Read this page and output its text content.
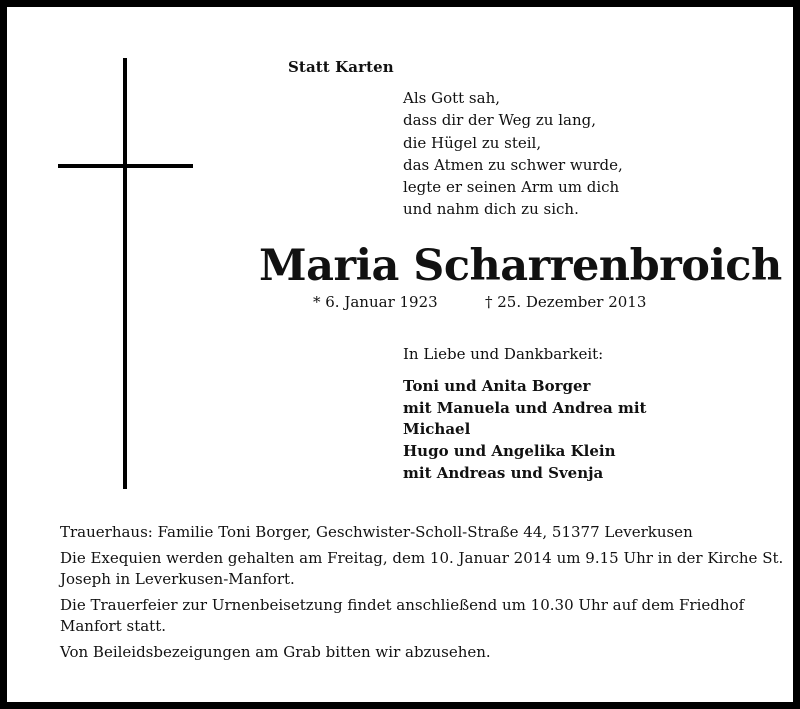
Statt Karten
Als Gott sah,
dass dir der Weg zu lang,
die Hügel zu steil,
das Atmen zu schwer wurde,
legte er seinen Arm um dich
und nahm dich zu sich.
Maria Scharrenbroich
* 6. Januar 1923	† 25. Dezember 2013
In Liebe und Dankbarkeit:
Toni und Anita Borger
mit Manuela und Andrea mit
Michael
Hugo und Angelika Klein
mit Andreas und Svenja

Trauerhaus: Familie Toni Borger, Geschwister-Scholl-Straße 44, 51377 Leverkusen

Die Exequien werden gehalten am Freitag, dem 10. Januar 2014 um 9.15 Uhr in der Kirche St. Joseph in Leverkusen-Manfort.

Die Trauerfeier zur Urnenbeisetzung findet anschließend um 10.30 Uhr auf dem Friedhof Manfort statt.

Von Beileidsbezeigungen am Grab bitten wir abzusehen.
